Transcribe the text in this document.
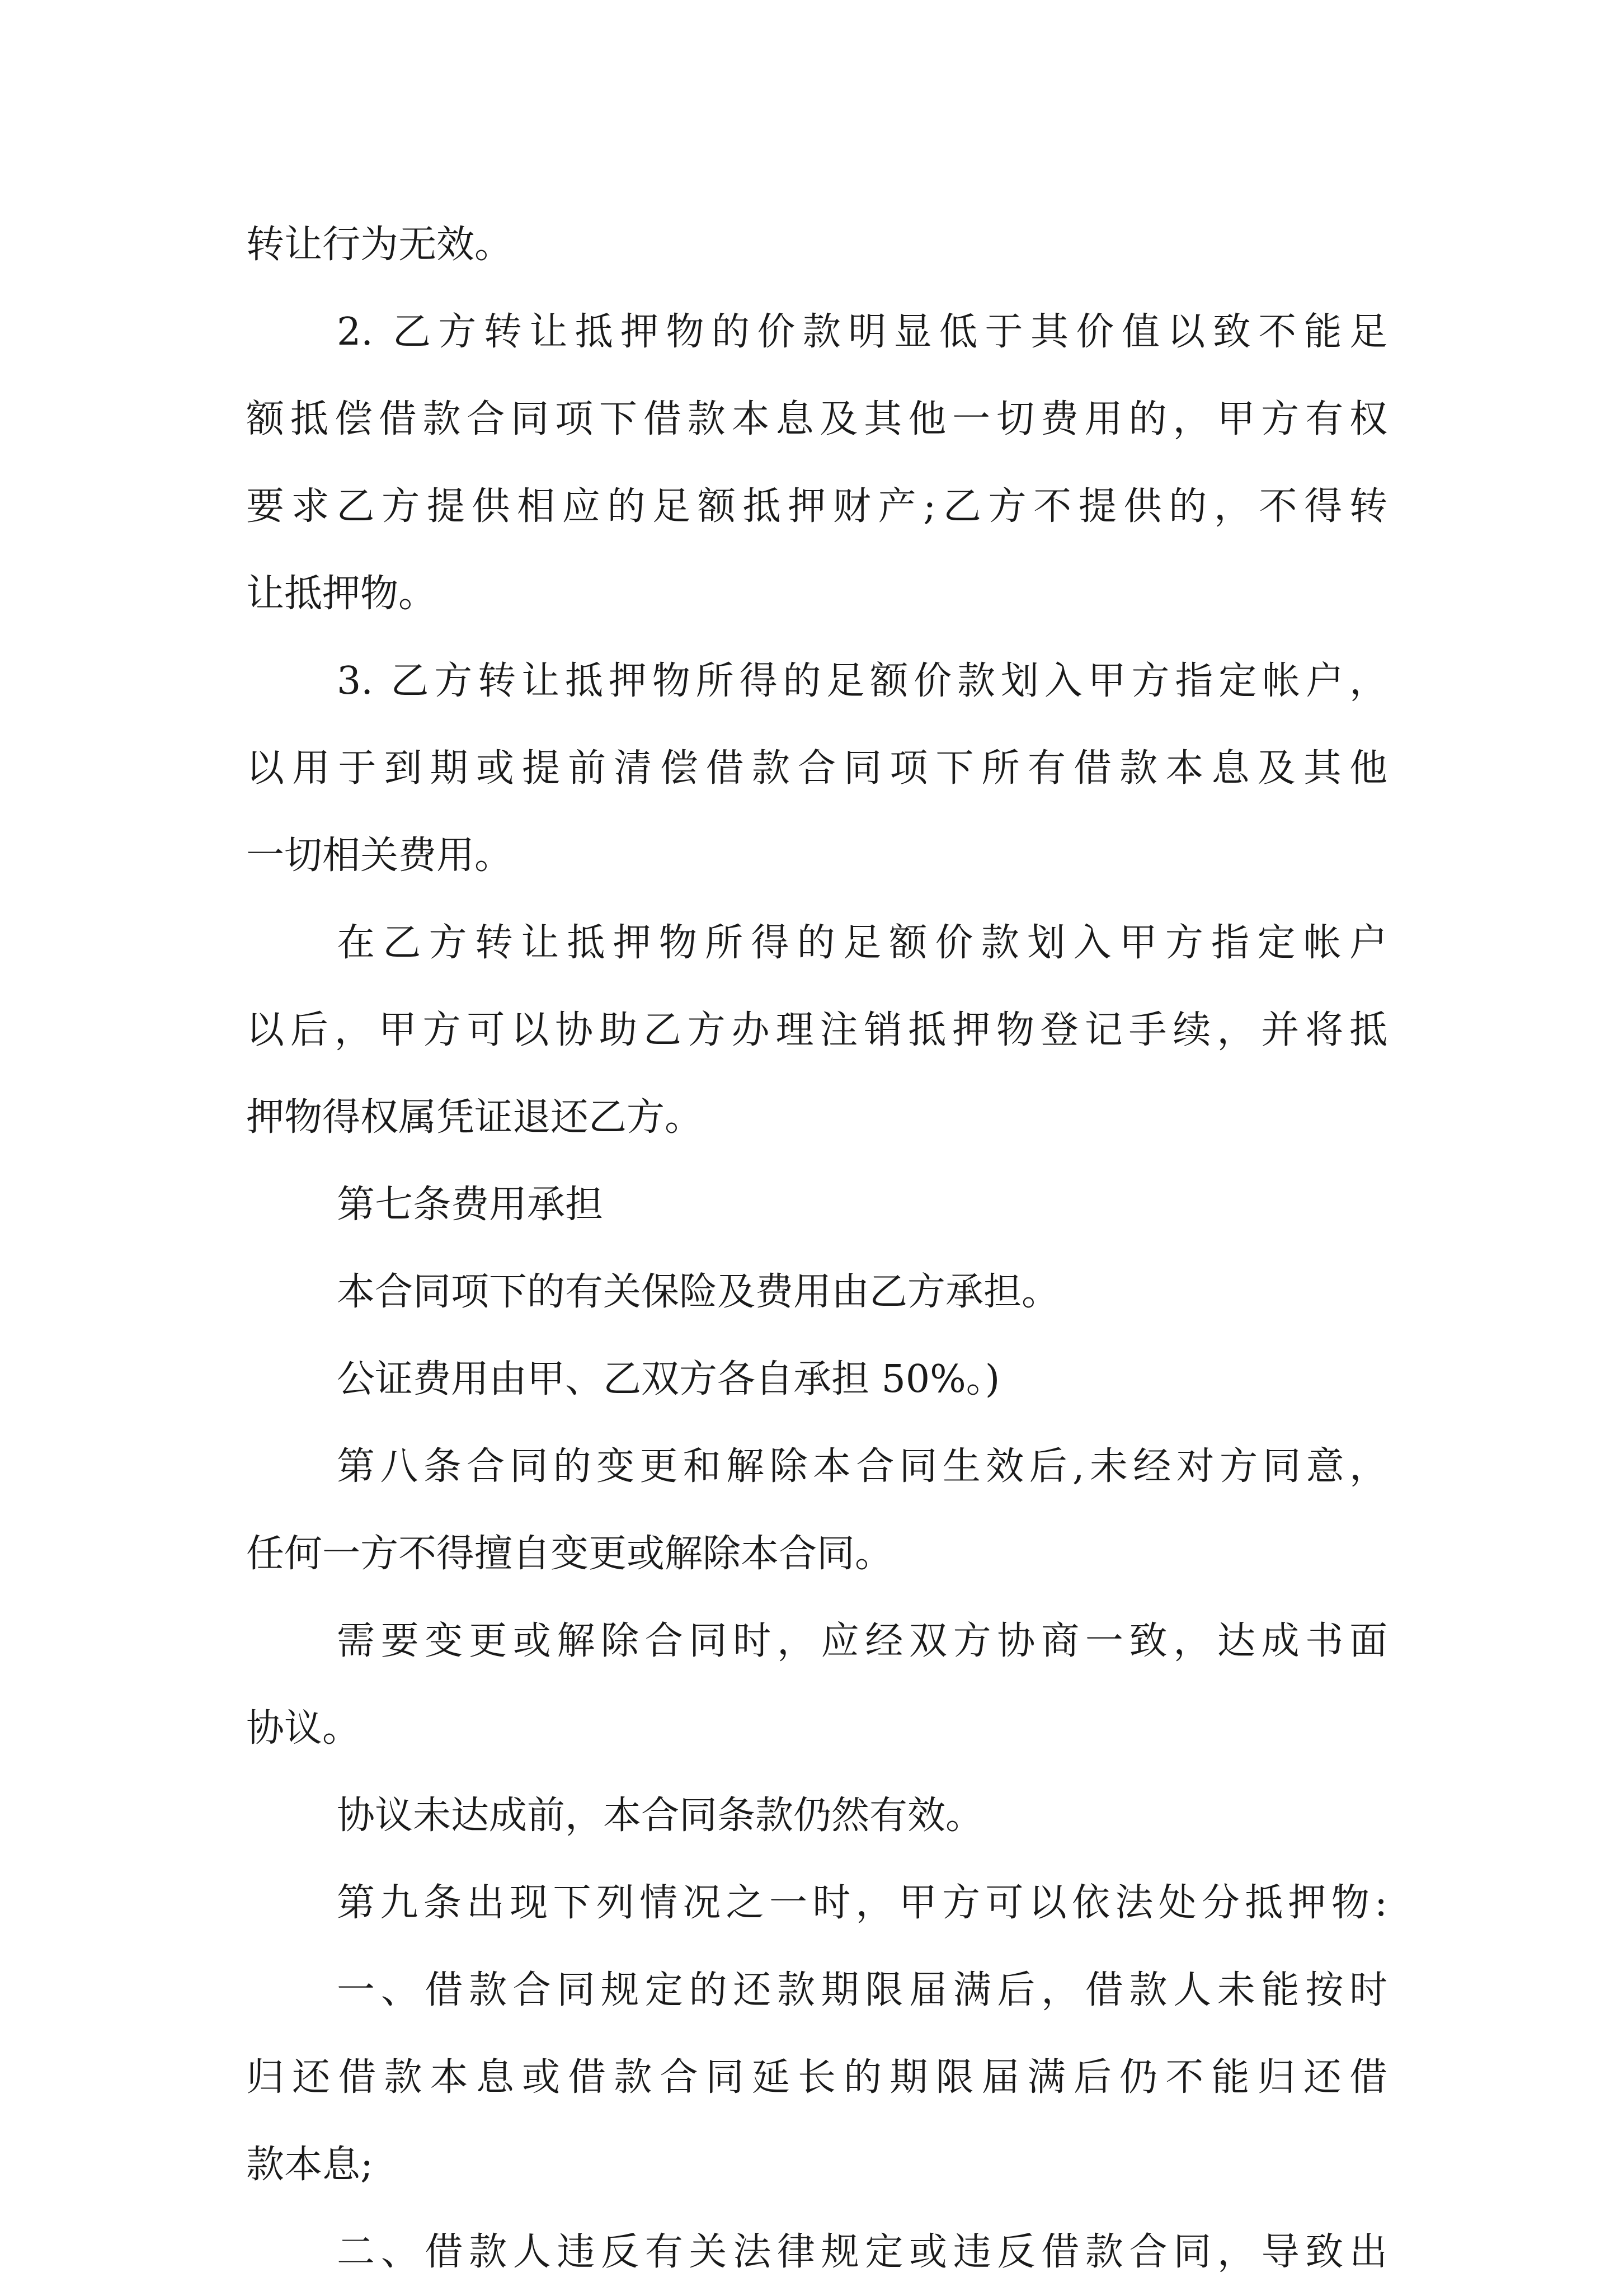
转让行为无效。
2. 乙方转让抵押物的价款明显低于其价值以致不能足
额抵偿借款合同项下借款本息及其他一切费用的，甲方有权
要求乙方提供相应的足额抵押财产;乙方不提供的，不得转
让抵押物。
3. 乙方转让抵押物所得的足额价款划入甲方指定帐户，
以用于到期或提前清偿借款合同项下所有借款本息及其他
一切相关费用。
在乙方转让抵押物所得的足额价款划入甲方指定帐户
以后，甲方可以协助乙方办理注销抵押物登记手续，并将抵
押物得权属凭证退还乙方。
第七条费用承担
本合同项下的有关保险及费用由乙方承担。
公证费用由甲、乙双方各自承担 50%。)
第八条合同的变更和解除本合同生效后,未经对方同意，
任何一方不得擅自变更或解除本合同。
需要变更或解除合同时，应经双方协商一致，达成书面
协议。
协议未达成前，本合同条款仍然有效。
第九条出现下列情况之一时，甲方可以依法处分抵押物:
一、借款合同规定的还款期限届满后，借款人未能按时
归还借款本息或借款合同延长的期限届满后仍不能归还借
款本息;
二、借款人违反有关法律规定或违反借款合同，导致出
